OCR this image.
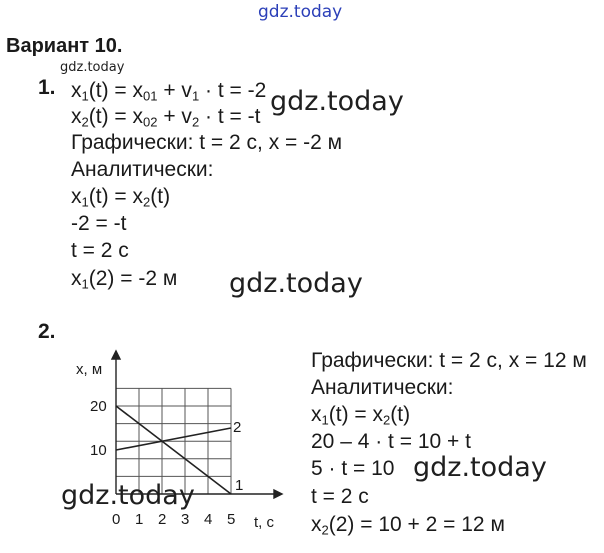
gdz.today
Вариант 10.
gdz.today
1. $x_1(t) = x_{01} + v_1 \cdot t = -2$
$x_2(t) = x_{02} + v_2 \cdot t = -t$ gdz.today
Графически: t = 2 с, x = -2 м
Аналитически:
$x_1(t) = x_2(t)$
-2 = -t
t = 2 с
$x_1(2) = -2$ м gdz.today
2.
0 1 2 3 4 5
10
20
x, м
t, с
1
2
gdz.today
Графически: t = 2 с, x = 12 м
Аналитически:
$x_1(t) = x_2(t)$
20 – 4 · t = 10 + t
5 · t = 10 gdz.today
t = 2 с
$x_2(2) = 10 + 2 = 12$ м
